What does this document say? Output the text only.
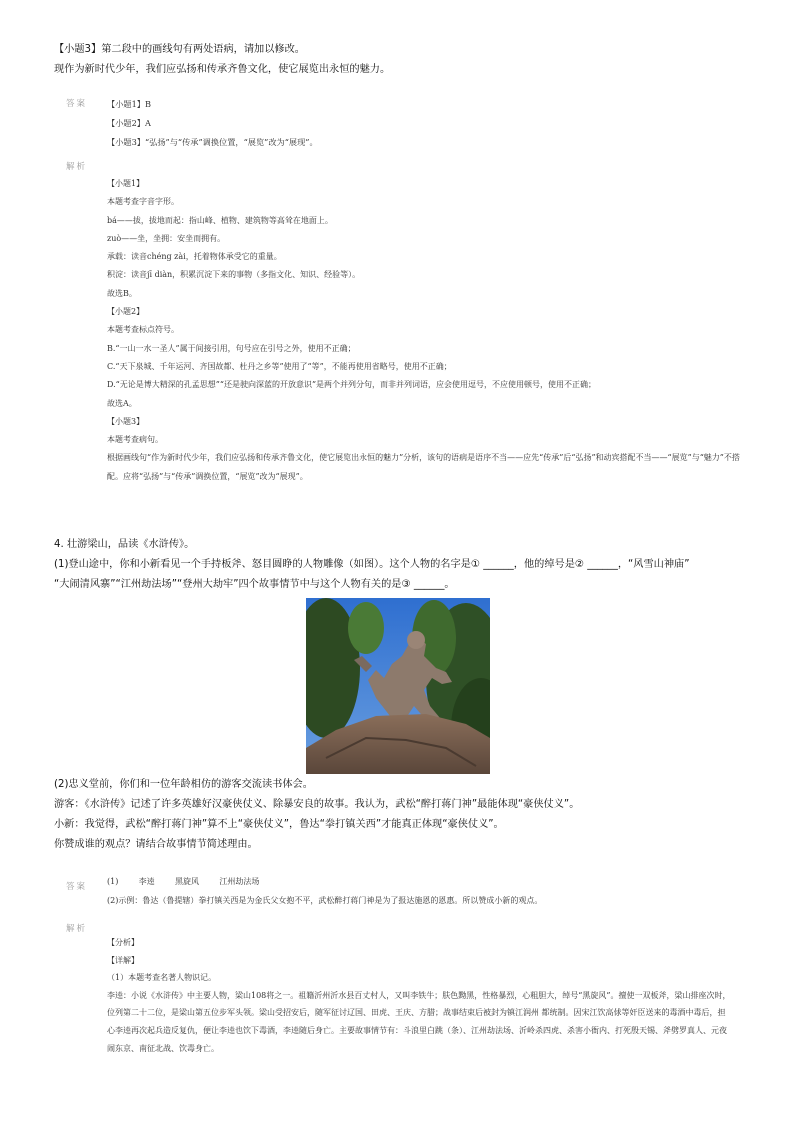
【小题3】第二段中的画线句有两处语病，请加以修改。

现作为新时代少年，我们应弘扬和传承齐鲁文化，使它展览出永恒的魅力。

答案 【小题1】B

【小题2】A

【小题3】“弘扬”与“传承”调换位置，“展览”改为“展现”。

解析

【小题1】

本题考查字音字形。

bá——拔，拔地而起：指山峰、植物、建筑物等高耸在地面上。

zuò——坐，坐拥：安坐而拥有。

承载：读音chéng zài，托着物体承受它的重量。

积淀：读音jī diàn，积累沉淀下来的事物（多指文化、知识、经验等）。

故选B。

【小题2】

本题考查标点符号。

B.“一山一水一圣人”属于间接引用，句号应在引号之外，使用不正确；

C.“天下泉城、千年运河、齐国故都、杜丹之乡等”使用了“等”，不能再使用省略号，使用不正确；

D.“无论是博大精深的孔孟思想”“还是驶向深蓝的开放意识”是两个并列分句，而非并列词语，应会使用逗号，不应使用顿号，使用不正确；

故选A。

【小题3】

本题考查病句。

根据画线句“作为新时代少年，我们应弘扬和传承齐鲁文化，使它展览出永恒的魅力”分析，该句的语病是语序不当——应先“传承”后“弘扬”和动宾搭配不当——“展览”与“魅力”不搭配。应将“弘扬”与“传承”调换位置，“展览”改为“展现”。

4. 壮游梁山，品读《水浒传》。

(1)登山途中，你和小新看见一个手持板斧、怒目圆睁的人物雕像（如图）。这个人物的名字是① ______，他的绰号是② ______，“风雪山神庙”

“大闹清风寨”“江州劫法场”“登州大劫牢”四个故事情节中与这个人物有关的是③ ______。

(2)忠义堂前，你们和一位年龄相仿的游客交流读书体会。

游客：《水浒传》记述了许多英雄好汉豪侠仗义、除暴安良的故事。我认为，武松“醉打蒋门神”最能体现“豪侠仗义”。

小新：我觉得，武松“醉打蒋门神”算不上“豪侠仗义”，鲁达“拳打镇关西”才能真正体现“豪侠仗义”。

你赞成谁的观点？请结合故事情节简述理由。

答案

(1)        李逵        黑旋风        江州劫法场

(2)示例：鲁达（鲁提辖）拳打镇关西是为金氏父女抱不平，武松醉打蒋门神是为了报达施恩的恩惠。所以赞成小新的观点。

解析

【分析】

【详解】

（1）本题考查名著人物识记。

李逵：小说《水浒传》中主要人物，梁山108将之一。祖籍沂州沂水县百丈村人，又叫李铁牛；肤色黝黑，性格暴烈，心粗胆大，绰号“黑旋风”。擅使一双板斧，梁山排座次时，位列第二十二位，是梁山第五位步军头领。梁山受招安后，随军征讨辽国、田虎、王庆、方腊；战事结束后被封为镇江润州 都统制。因宋江饮高俅等奸臣送来的毒酒中毒后，担心李逵再次起兵造反复仇，便让李逵也饮下毒酒，李逵随后身亡。主要故事情节有：斗浪里白跳（条）、江州劫法场、沂岭杀四虎、杀害小衙内、打死殷天锡、斧劈罗真人、元夜闹东京、南征北战、饮毒身亡。
